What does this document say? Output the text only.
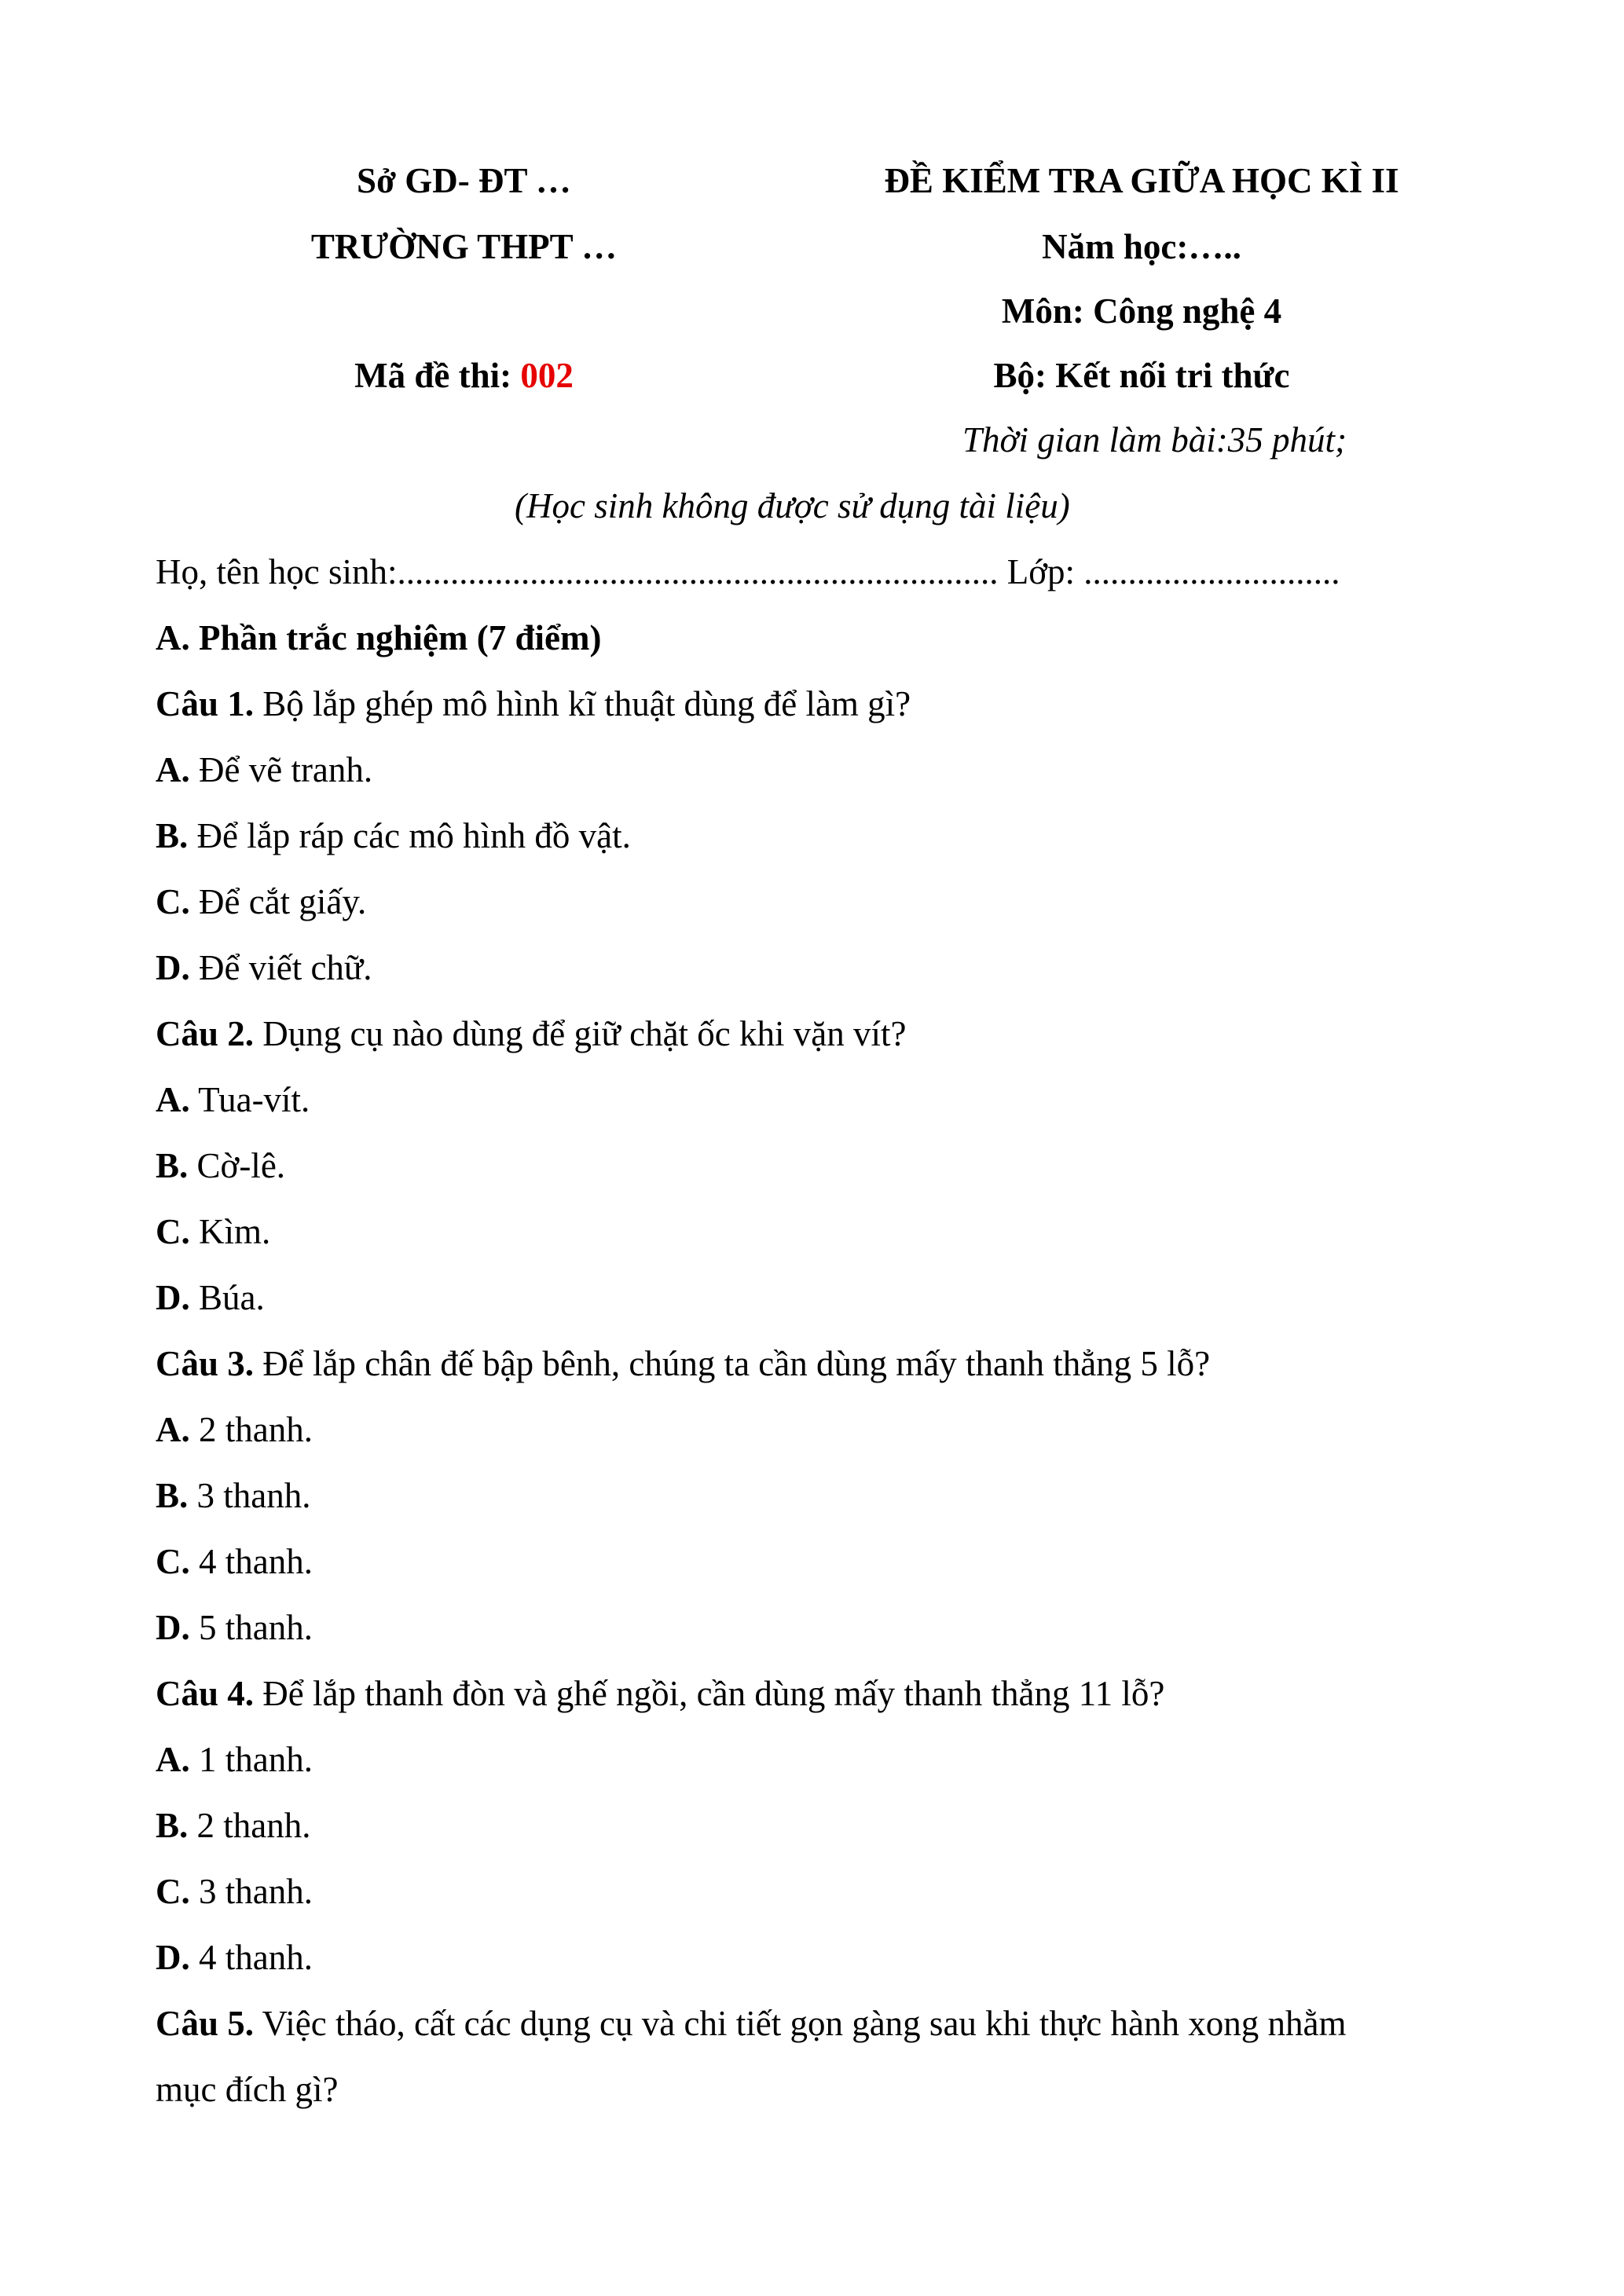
Sở GD- ĐT …
TRƯỜNG THPT …
Mã đề thi: 002
ĐỀ KIỂM TRA GIỮA HỌC KÌ II
Năm học:…..
Môn: Công nghệ 4
Bộ: Kết nối tri thức
Thời gian làm bài:35 phút;
(Học sinh không được sử dụng tài liệu)
Họ, tên học sinh:.................................................................... Lớp: .............................
A. Phần trắc nghiệm (7 điểm)
Câu 1. Bộ lắp ghép mô hình kĩ thuật dùng để làm gì?
A. Để vẽ tranh.
B. Để lắp ráp các mô hình đồ vật.
C. Để cắt giấy.
D. Để viết chữ.
Câu 2. Dụng cụ nào dùng để giữ chặt ốc khi vặn vít?
A. Tua-vít.
B. Cờ-lê.
C. Kìm.
D. Búa.
Câu 3. Để lắp chân đế bập bênh, chúng ta cần dùng mấy thanh thẳng 5 lỗ?
A. 2 thanh.
B. 3 thanh.
C. 4 thanh.
D. 5 thanh.
Câu 4. Để lắp thanh đòn và ghế ngồi, cần dùng mấy thanh thẳng 11 lỗ?
A. 1 thanh.
B. 2 thanh.
C. 3 thanh.
D. 4 thanh.
Câu 5. Việc tháo, cất các dụng cụ và chi tiết gọn gàng sau khi thực hành xong nhằm
mục đích gì?
